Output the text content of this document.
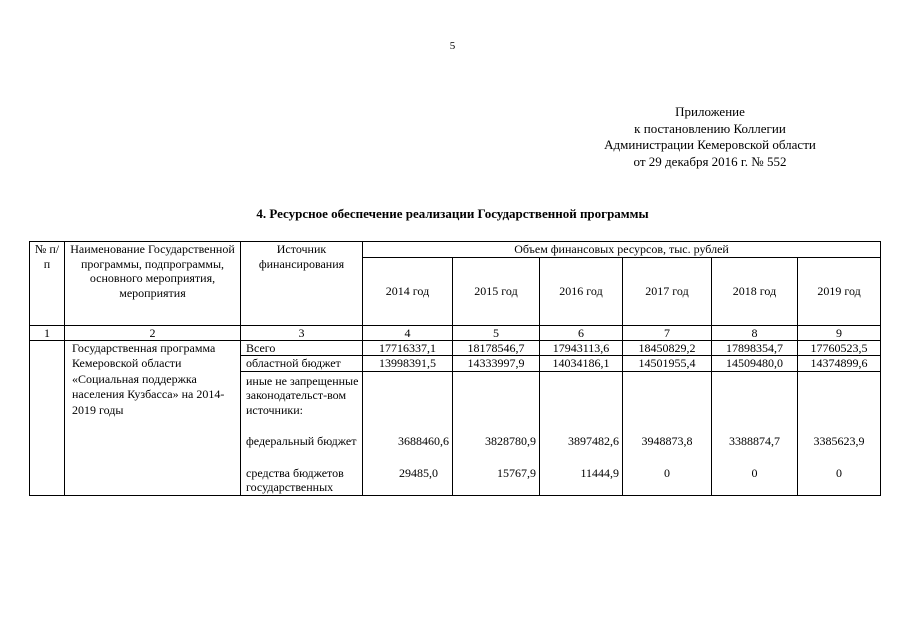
5
Приложение
к постановлению Коллегии
Администрации Кемеровской области
от 29 декабря 2016 г. № 552
4. Ресурсное обеспечение реализации Государственной программы
№ п/п	Наименование Государственной программы, подпрограммы, основного мероприятия, мероприятия	Источник финансирования	Объем финансовых ресурсов, тыс. рублей					
			2014 год	2015 год	2016 год	2017 год	2018 год	2019 год
1	2	3	4	5	6	7	8	9
	Государственная программа Кемеровской области «Социальная поддержка населения Кузбасса» на 2014-2019 годы	Всего	17716337,1	18178546,7	17943113,6	18450829,2	17898354,7	17760523,5
		областной бюджет	13998391,5	14333997,9	14034186,1	14501955,4	14509480,0	14374899,6
		иные не запрещенные законодательст-вом источники:						
		федеральный бюджет	3688460,6	3828780,9	3897482,6	3948873,8	3388874,7	3385623,9
		средства бюджетов государственных	29485,0	15767,9	11444,9	0	0	0
